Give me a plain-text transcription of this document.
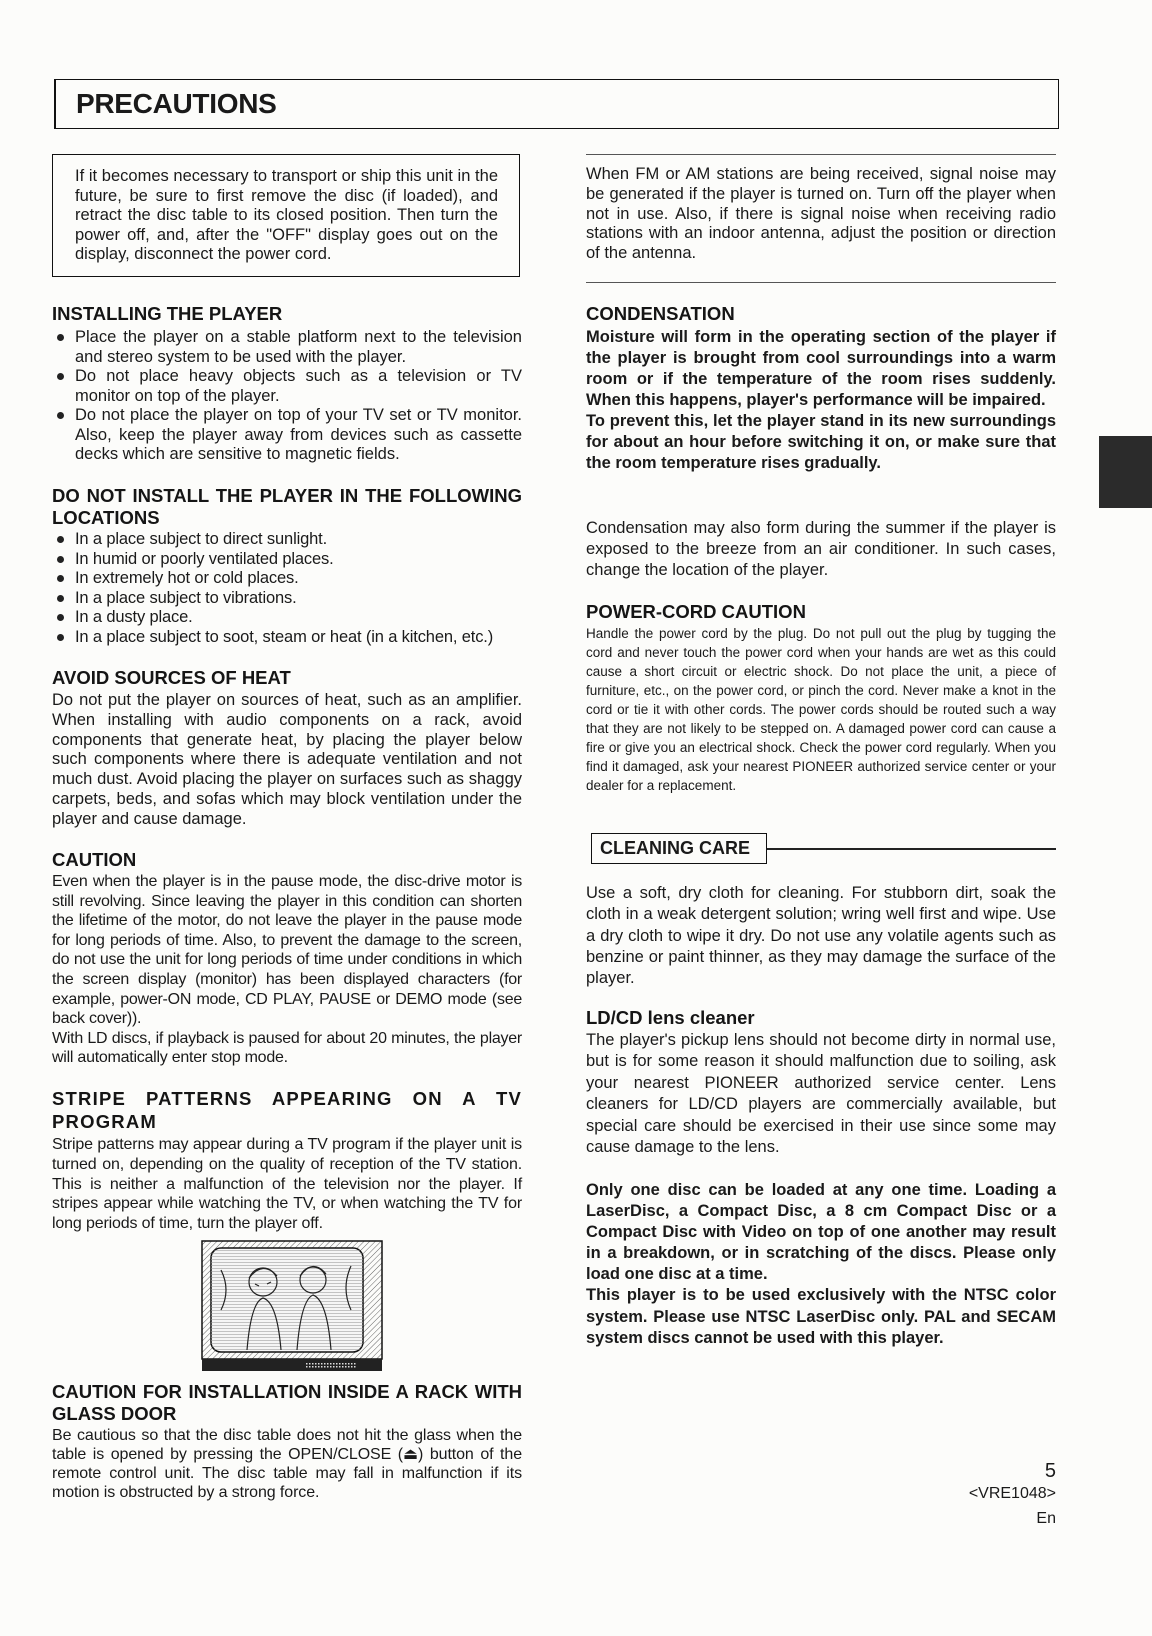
PRECAUTIONS

If it becomes necessary to transport or ship this unit in the future, be sure to first remove the disc (if loaded), and retract the disc table to its closed position. Then turn the power off, and, after the "OFF" display goes out on the display, disconnect the power cord.

INSTALLING THE PLAYER
Place the player on a stable platform next to the television and stereo system to be used with the player.
Do not place heavy objects such as a television or TV monitor on top of the player.
Do not place the player on top of your TV set or TV monitor. Also, keep the player away from devices such as cassette decks which are sensitive to magnetic fields.
DO NOT INSTALL THE PLAYER IN THE FOLLOWING LOCATIONS
In a place subject to direct sunlight.
In humid or poorly ventilated places.
In extremely hot or cold places.
In a place subject to vibrations.
In a dusty place.
In a place subject to soot, steam or heat (in a kitchen, etc.)
AVOID SOURCES OF HEAT

Do not put the player on sources of heat, such as an amplifier. When installing with audio components on a rack, avoid components that generate heat, by placing the player below such components where there is adequate ventilation and not much dust. Avoid placing the player on surfaces such as shaggy carpets, beds, and sofas which may block ventilation under the player and cause damage.

CAUTION

Even when the player is in the pause mode, the disc-drive motor is still revolving. Since leaving the player in this condition can shorten the lifetime of the motor, do not leave the player in the pause mode for long periods of time. Also, to prevent the damage to the screen, do not use the unit for long periods of time under conditions in which the screen display (monitor) has been displayed characters (for example, power-ON mode, CD PLAY, PAUSE or DEMO mode (see back cover)).

With LD discs, if playback is paused for about 20 minutes, the player will automatically enter stop mode.

STRIPE PATTERNS APPEARING ON A TV PROGRAM

Stripe patterns may appear during a TV program if the player unit is turned on, depending on the quality of reception of the TV station. This is neither a malfunction of the television nor the player. If stripes appear while watching the TV, or when watching the TV for long periods of time, turn the player off.

CAUTION FOR INSTALLATION INSIDE A RACK WITH GLASS DOOR

Be cautious so that the disc table does not hit the glass when the table is opened by pressing the OPEN/CLOSE (⏏) button of the remote control unit. The disc table may fall in malfunction if its motion is obstructed by a strong force.

When FM or AM stations are being received, signal noise may be generated if the player is turned on. Turn off the player when not in use. Also, if there is signal noise when receiving radio stations with an indoor antenna, adjust the position or direction of the antenna.

CONDENSATION

Moisture will form in the operating section of the player if the player is brought from cool surroundings into a warm room or if the temperature of the room rises suddenly. When this happens, player's performance will be impaired.

To prevent this, let the player stand in its new surroundings for about an hour before switching it on, or make sure that the room temperature rises gradually.

Condensation may also form during the summer if the player is exposed to the breeze from an air conditioner. In such cases, change the location of the player.

POWER-CORD CAUTION

Handle the power cord by the plug. Do not pull out the plug by tugging the cord and never touch the power cord when your hands are wet as this could cause a short circuit or electric shock. Do not place the unit, a piece of furniture, etc., on the power cord, or pinch the cord. Never make a knot in the cord or tie it with other cords. The power cords should be routed such a way that they are not likely to be stepped on. A damaged power cord can cause a fire or give you an electrical shock. Check the power cord regularly. When you find it damaged, ask your nearest PIONEER authorized service center or your dealer for a replacement.

CLEANING CARE

Use a soft, dry cloth for cleaning. For stubborn dirt, soak the cloth in a weak detergent solution; wring well first and wipe. Use a dry cloth to wipe it dry. Do not use any volatile agents such as benzine or paint thinner, as they may damage the surface of the player.

LD/CD lens cleaner

The player's pickup lens should not become dirty in normal use, but is for some reason it should malfunction due to soiling, ask your nearest PIONEER authorized service center. Lens cleaners for LD/CD players are commercially available, but special care should be exercised in their use since some may cause damage to the lens.

Only one disc can be loaded at any one time. Loading a LaserDisc, a Compact Disc, a 8 cm Compact Disc or a Compact Disc with Video on top of one another may result in a breakdown, or in scratching of the discs. Please only load one disc at a time.

This player is to be used exclusively with the NTSC color system. Please use NTSC LaserDisc only. PAL and SECAM system discs cannot be used with this player.

5
<VRE1048>
En
